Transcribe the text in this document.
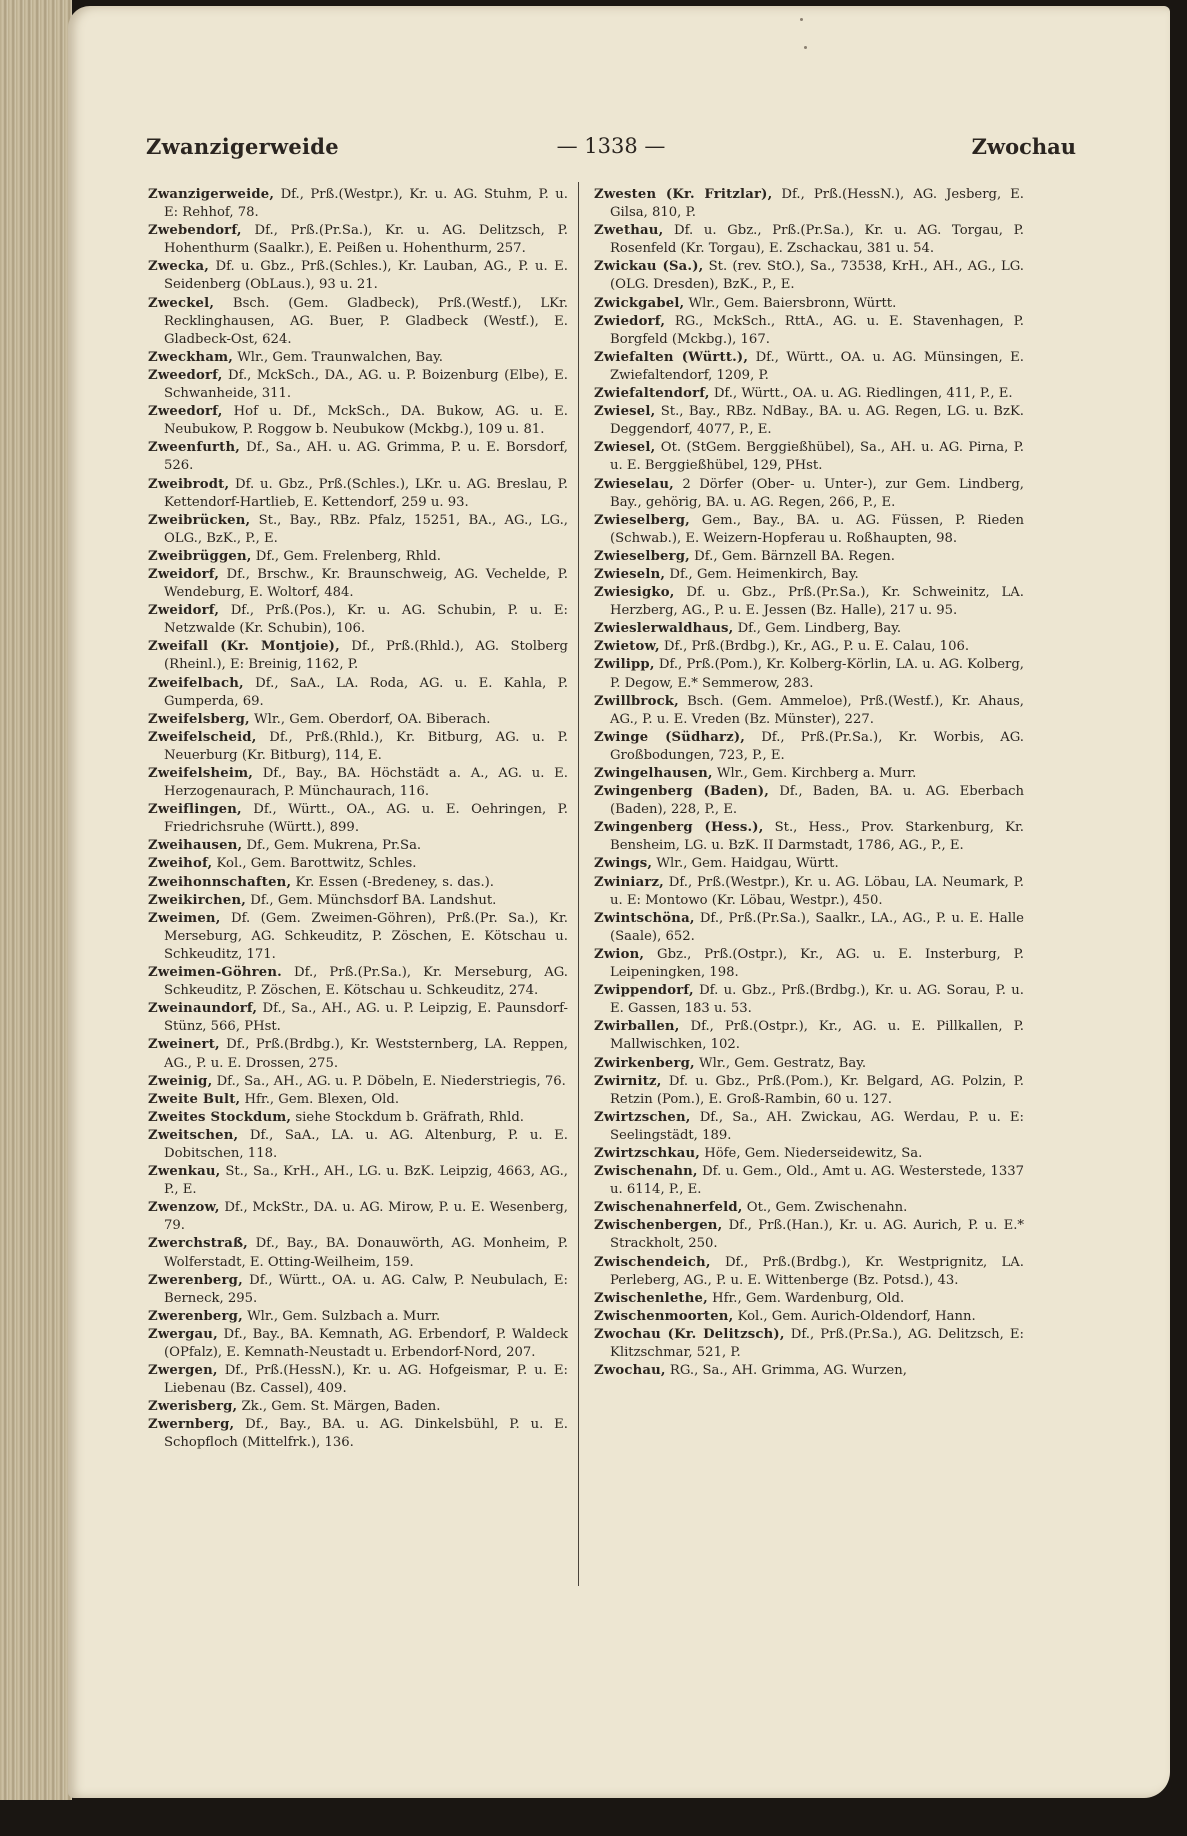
Zwanzigerweide	— 1338 —	Zwochau

Zwanzigerweide, Df., Prß.(Westpr.), Kr. u. AG. Stuhm, P. u. E: Rehhof, 78.

Zwebendorf, Df., Prß.(Pr.Sa.), Kr. u. AG. Delitzsch, P. Hohenthurm (Saalkr.), E. Peißen u. Hohenthurm, 257.

Zwecka, Df. u. Gbz., Prß.(Schles.), Kr. Lauban, AG., P. u. E. Seidenberg (ObLaus.), 93 u. 21.

Zweckel, Bsch. (Gem. Gladbeck), Prß.(Westf.), LKr. Recklinghausen, AG. Buer, P. Gladbeck (Westf.), E. Gladbeck-Ost, 624.

Zweckham, Wlr., Gem. Traunwalchen, Bay.

Zweedorf, Df., MckSch., DA., AG. u. P. Boizenburg (Elbe), E. Schwanheide, 311.

Zweedorf, Hof u. Df., MckSch., DA. Bukow, AG. u. E. Neubukow, P. Roggow b. Neubukow (Mckbg.), 109 u. 81.

Zweenfurth, Df., Sa., AH. u. AG. Grimma, P. u. E. Borsdorf, 526.

Zweibrodt, Df. u. Gbz., Prß.(Schles.), LKr. u. AG. Breslau, P. Kettendorf-Hartlieb, E. Kettendorf, 259 u. 93.

Zweibrücken, St., Bay., RBz. Pfalz, 15251, BA., AG., LG., OLG., BzK., P., E.

Zweibrüggen, Df., Gem. Frelenberg, Rhld.

Zweidorf, Df., Brschw., Kr. Braunschweig, AG. Vechelde, P. Wendeburg, E. Woltorf, 484.

Zweidorf, Df., Prß.(Pos.), Kr. u. AG. Schubin, P. u. E: Netzwalde (Kr. Schubin), 106.

Zweifall (Kr. Montjoie), Df., Prß.(Rhld.), AG. Stolberg (Rheinl.), E: Breinig, 1162, P.

Zweifelbach, Df., SaA., LA. Roda, AG. u. E. Kahla, P. Gumperda, 69.

Zweifelsberg, Wlr., Gem. Oberdorf, OA. Biberach.

Zweifelscheid, Df., Prß.(Rhld.), Kr. Bitburg, AG. u. P. Neuerburg (Kr. Bitburg), 114, E.

Zweifelsheim, Df., Bay., BA. Höchstädt a. A., AG. u. E. Herzogenaurach, P. Münchaurach, 116.

Zweiflingen, Df., Württ., OA., AG. u. E. Oehringen, P. Friedrichsruhe (Württ.), 899.

Zweihausen, Df., Gem. Mukrena, Pr.Sa.

Zweihof, Kol., Gem. Barottwitz, Schles.

Zweihonnschaften, Kr. Essen (-Bredeney, s. das.).

Zweikirchen, Df., Gem. Münchsdorf BA. Landshut.

Zweimen, Df. (Gem. Zweimen-Göhren), Prß.(Pr. Sa.), Kr. Merseburg, AG. Schkeuditz, P. Zöschen, E. Kötschau u. Schkeuditz, 171.

Zweimen-Göhren. Df., Prß.(Pr.Sa.), Kr. Merseburg, AG. Schkeuditz, P. Zöschen, E. Kötschau u. Schkeuditz, 274.

Zweinaundorf, Df., Sa., AH., AG. u. P. Leipzig, E. Paunsdorf-Stünz, 566, PHst.

Zweinert, Df., Prß.(Brdbg.), Kr. Weststernberg, LA. Reppen, AG., P. u. E. Drossen, 275.

Zweinig, Df., Sa., AH., AG. u. P. Döbeln, E. Niederstriegis, 76.

Zweite Bult, Hfr., Gem. Blexen, Old.

Zweites Stockdum, siehe Stockdum b. Gräfrath, Rhld.

Zweitschen, Df., SaA., LA. u. AG. Altenburg, P. u. E. Dobitschen, 118.

Zwenkau, St., Sa., KrH., AH., LG. u. BzK. Leipzig, 4663, AG., P., E.

Zwenzow, Df., MckStr., DA. u. AG. Mirow, P. u. E. Wesenberg, 79.

Zwerchstraß, Df., Bay., BA. Donauwörth, AG. Monheim, P. Wolferstadt, E. Otting-Weilheim, 159.

Zwerenberg, Df., Württ., OA. u. AG. Calw, P. Neubulach, E: Berneck, 295.

Zwerenberg, Wlr., Gem. Sulzbach a. Murr.

Zwergau, Df., Bay., BA. Kemnath, AG. Erbendorf, P. Waldeck (OPfalz), E. Kemnath-Neustadt u. Erbendorf-Nord, 207.

Zwergen, Df., Prß.(HessN.), Kr. u. AG. Hofgeismar, P. u. E: Liebenau (Bz. Cassel), 409.

Zwerisberg, Zk., Gem. St. Märgen, Baden.

Zwernberg, Df., Bay., BA. u. AG. Dinkelsbühl, P. u. E. Schopfloch (Mittelfrk.), 136.

Zwesten (Kr. Fritzlar), Df., Prß.(HessN.), AG. Jesberg, E. Gilsa, 810, P.

Zwethau, Df. u. Gbz., Prß.(Pr.Sa.), Kr. u. AG. Torgau, P. Rosenfeld (Kr. Torgau), E. Zschackau, 381 u. 54.

Zwickau (Sa.), St. (rev. StO.), Sa., 73538, KrH., AH., AG., LG. (OLG. Dresden), BzK., P., E.

Zwickgabel, Wlr., Gem. Baiersbronn, Württ.

Zwiedorf, RG., MckSch., RttA., AG. u. E. Stavenhagen, P. Borgfeld (Mckbg.), 167.

Zwiefalten (Württ.), Df., Württ., OA. u. AG. Münsingen, E. Zwiefaltendorf, 1209, P.

Zwiefaltendorf, Df., Württ., OA. u. AG. Riedlingen, 411, P., E.

Zwiesel, St., Bay., RBz. NdBay., BA. u. AG. Regen, LG. u. BzK. Deggendorf, 4077, P., E.

Zwiesel, Ot. (StGem. Berggießhübel), Sa., AH. u. AG. Pirna, P. u. E. Berggießhübel, 129, PHst.

Zwieselau, 2 Dörfer (Ober- u. Unter-), zur Gem. Lindberg, Bay., gehörig, BA. u. AG. Regen, 266, P., E.

Zwieselberg, Gem., Bay., BA. u. AG. Füssen, P. Rieden (Schwab.), E. Weizern-Hopferau u. Roßhaupten, 98.

Zwieselberg, Df., Gem. Bärnzell BA. Regen.

Zwieseln, Df., Gem. Heimenkirch, Bay.

Zwiesigko, Df. u. Gbz., Prß.(Pr.Sa.), Kr. Schweinitz, LA. Herzberg, AG., P. u. E. Jessen (Bz. Halle), 217 u. 95.

Zwieslerwaldhaus, Df., Gem. Lindberg, Bay.

Zwietow, Df., Prß.(Brdbg.), Kr., AG., P. u. E. Calau, 106.

Zwilipp, Df., Prß.(Pom.), Kr. Kolberg-Körlin, LA. u. AG. Kolberg, P. Degow, E.* Semmerow, 283.

Zwillbrock, Bsch. (Gem. Ammeloe), Prß.(Westf.), Kr. Ahaus, AG., P. u. E. Vreden (Bz. Münster), 227.

Zwinge (Südharz), Df., Prß.(Pr.Sa.), Kr. Worbis, AG. Großbodungen, 723, P., E.

Zwingelhausen, Wlr., Gem. Kirchberg a. Murr.

Zwingenberg (Baden), Df., Baden, BA. u. AG. Eberbach (Baden), 228, P., E.

Zwingenberg (Hess.), St., Hess., Prov. Starkenburg, Kr. Bensheim, LG. u. BzK. II Darmstadt, 1786, AG., P., E.

Zwings, Wlr., Gem. Haidgau, Württ.

Zwiniarz, Df., Prß.(Westpr.), Kr. u. AG. Löbau, LA. Neumark, P. u. E: Montowo (Kr. Löbau, Westpr.), 450.

Zwintschöna, Df., Prß.(Pr.Sa.), Saalkr., LA., AG., P. u. E. Halle (Saale), 652.

Zwion, Gbz., Prß.(Ostpr.), Kr., AG. u. E. Insterburg, P. Leipeningken, 198.

Zwippendorf, Df. u. Gbz., Prß.(Brdbg.), Kr. u. AG. Sorau, P. u. E. Gassen, 183 u. 53.

Zwirballen, Df., Prß.(Ostpr.), Kr., AG. u. E. Pillkallen, P. Mallwischken, 102.

Zwirkenberg, Wlr., Gem. Gestratz, Bay.

Zwirnitz, Df. u. Gbz., Prß.(Pom.), Kr. Belgard, AG. Polzin, P. Retzin (Pom.), E. Groß-Rambin, 60 u. 127.

Zwirtzschen, Df., Sa., AH. Zwickau, AG. Werdau, P. u. E: Seelingstädt, 189.

Zwirtzschkau, Höfe, Gem. Niederseidewitz, Sa.

Zwischenahn, Df. u. Gem., Old., Amt u. AG. Westerstede, 1337 u. 6114, P., E.

Zwischenahnerfeld, Ot., Gem. Zwischenahn.

Zwischenbergen, Df., Prß.(Han.), Kr. u. AG. Aurich, P. u. E.* Strackholt, 250.

Zwischendeich, Df., Prß.(Brdbg.), Kr. Westprignitz, LA. Perleberg, AG., P. u. E. Wittenberge (Bz. Potsd.), 43.

Zwischenlethe, Hfr., Gem. Wardenburg, Old.

Zwischenmoorten, Kol., Gem. Aurich-Oldendorf, Hann.

Zwochau (Kr. Delitzsch), Df., Prß.(Pr.Sa.), AG. Delitzsch, E: Klitzschmar, 521, P.

Zwochau, RG., Sa., AH. Grimma, AG. Wurzen,
